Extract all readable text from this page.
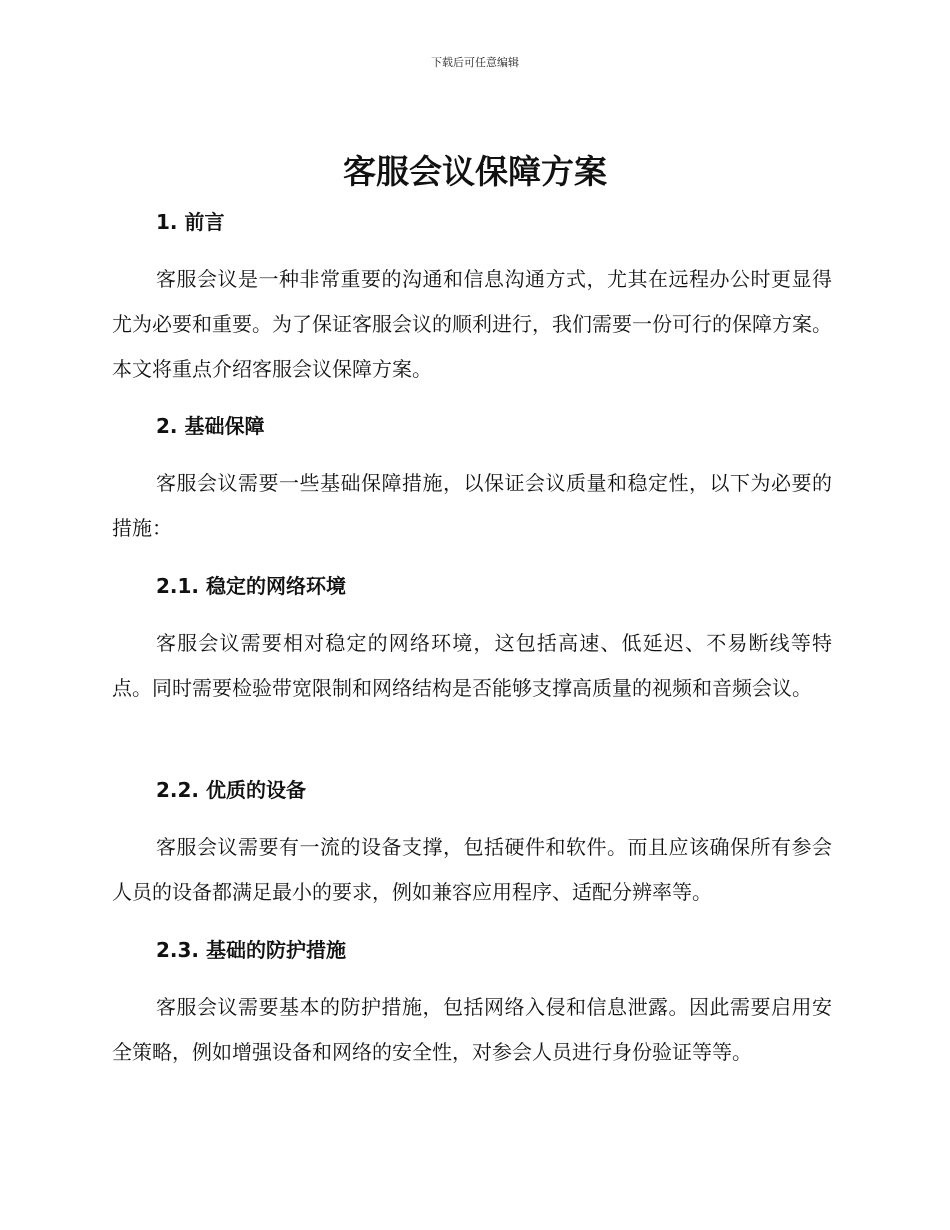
下载后可任意编辑
客服会议保障方案
1. 前言

客服会议是一种非常重要的沟通和信息沟通方式，尤其在远程办公时更显得尤为必要和重要。为了保证客服会议的顺利进行，我们需要一份可行的保障方案。本文将重点介绍客服会议保障方案。

2. 基础保障

客服会议需要一些基础保障措施，以保证会议质量和稳定性，以下为必要的措施：

2.1. 稳定的网络环境

客服会议需要相对稳定的网络环境，这包括高速、低延迟、不易断线等特点。同时需要检验带宽限制和网络结构是否能够支撑高质量的视频和音频会议。

2.2. 优质的设备

客服会议需要有一流的设备支撑，包括硬件和软件。而且应该确保所有参会人员的设备都满足最小的要求，例如兼容应用程序、适配分辨率等。

2.3. 基础的防护措施

客服会议需要基本的防护措施，包括网络入侵和信息泄露。因此需要启用安全策略，例如增强设备和网络的安全性，对参会人员进行身份验证等等。
